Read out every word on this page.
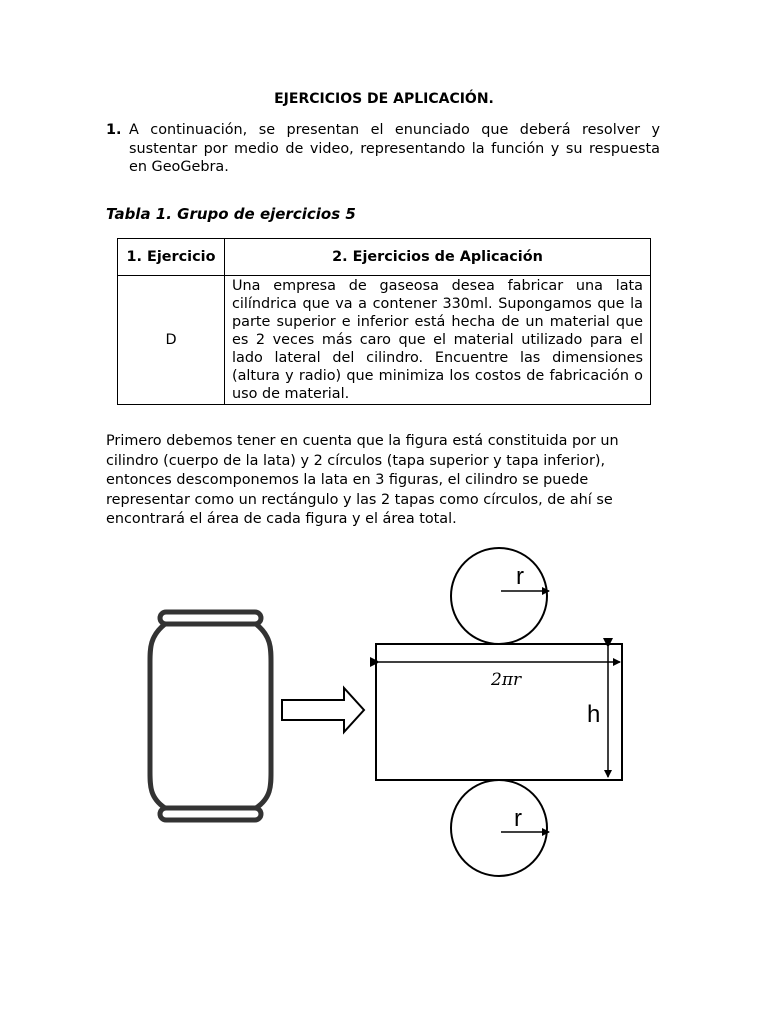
EJERCICIOS DE APLICACIÓN.
1. A continuación, se presentan el enunciado que deberá resolver y sustentar por medio de video, representando la función y su respuesta en GeoGebra.
Tabla 1. Grupo de ejercicios 5
1. Ejercicio	2. Ejercicios de Aplicación
D	Una empresa de gaseosa desea fabricar una lata cilíndrica que va a contener 330ml. Supongamos que la parte superior e inferior está hecha de un material que es 2 veces más caro que el material utilizado para el lado lateral del cilindro. Encuentre las dimensiones (altura y radio) que minimiza los costos de fabricación o uso de material.
Primero debemos tener en cuenta que la figura está constituida por un cilindro (cuerpo de la lata) y 2 círculos (tapa superior y tapa inferior), entonces descomponemos la lata en 3 figuras, el cilindro se puede representar como un rectángulo y las 2 tapas como círculos, de ahí se encontrará el área de cada figura y el área total.
r
2πr
h
r
